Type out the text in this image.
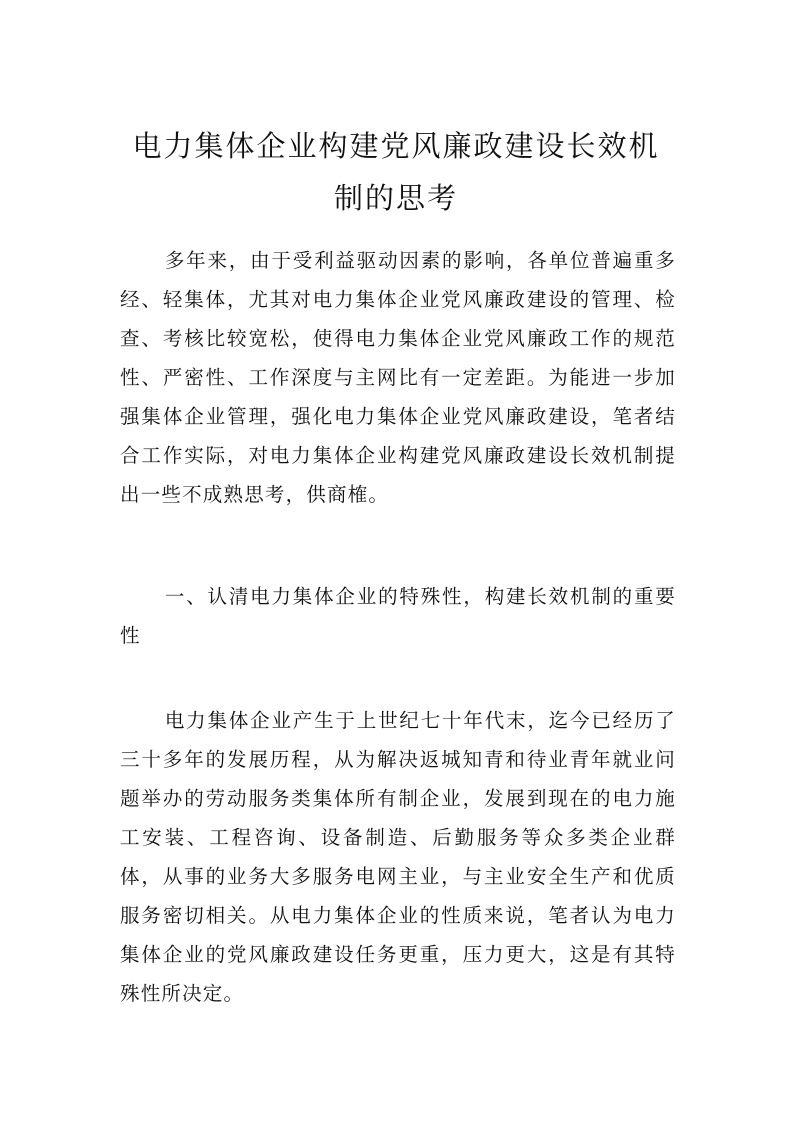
电力集体企业构建党风廉政建设长效机制的思考

多年来，由于受利益驱动因素的影响，各单位普遍重多经、轻集体，尤其对电力集体企业党风廉政建设的管理、检查、考核比较宽松，使得电力集体企业党风廉政工作的规范性、严密性、工作深度与主网比有一定差距。为能进一步加强集体企业管理，强化电力集体企业党风廉政建设，笔者结合工作实际，对电力集体企业构建党风廉政建设长效机制提出一些不成熟思考，供商榷。

一、认清电力集体企业的特殊性，构建长效机制的重要性

电力集体企业产生于上世纪七十年代末，迄今已经历了三十多年的发展历程，从为解决返城知青和待业青年就业问题举办的劳动服务类集体所有制企业，发展到现在的电力施工安装、工程咨询、设备制造、后勤服务等众多类企业群体，从事的业务大多服务电网主业，与主业安全生产和优质服务密切相关。从电力集体企业的性质来说，笔者认为电力集体企业的党风廉政建设任务更重，压力更大，这是有其特殊性所决定。
